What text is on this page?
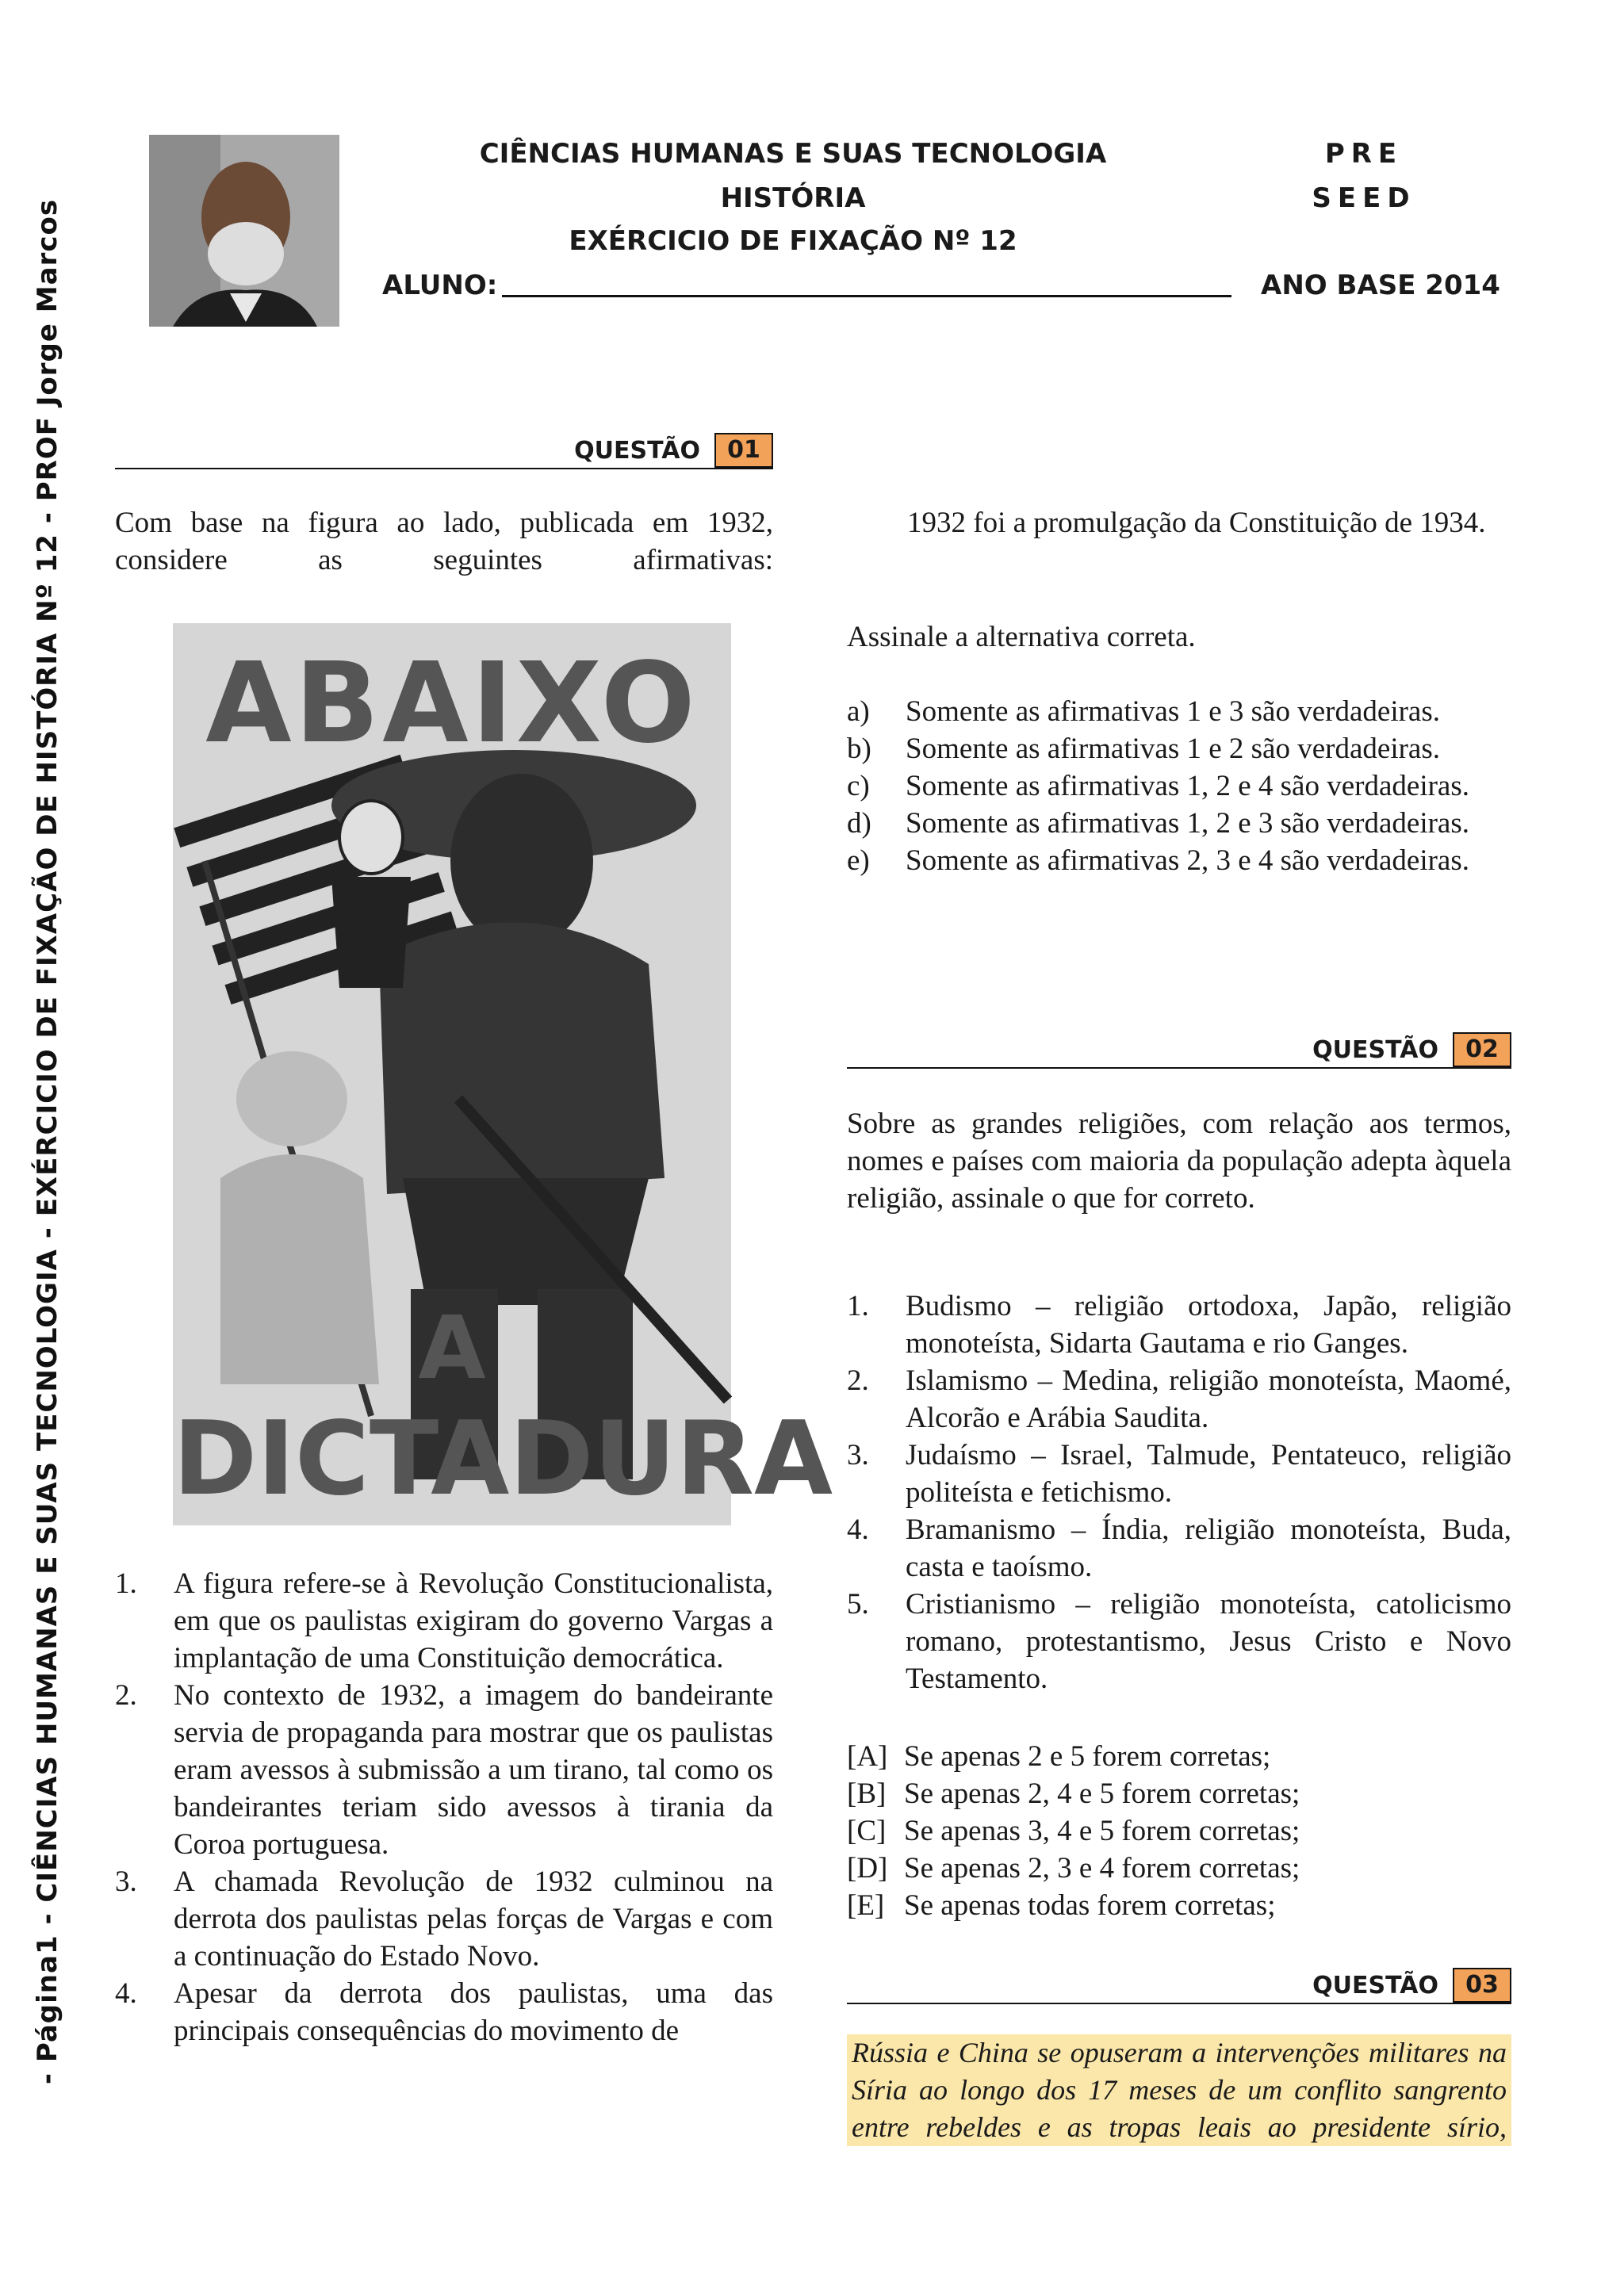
- Página1 - CIÊNCIAS HUMANAS E SUAS TECNOLOGIA - EXÉRCICIO DE FIXAÇÃO DE HISTÓRIA Nº 12 - PROF Jorge Marcos
CIÊNCIAS HUMANAS E SUAS TECNOLOGIA
HISTÓRIA
EXÉRCICIO DE FIXAÇÃO Nº 12
PRE
SEED
ALUNO:	ANO BASE 2014
QUESTÃO	01
Com base na figura ao lado, publicada em 1932, considere as seguintes afirmativas:
ABAIXO
A
DICTADURA
1. A figura refere-se à Revolução Constitucionalista, em que os paulistas exigiram do governo Vargas a implantação de uma Constituição democrática.
2. No contexto de 1932, a imagem do bandeirante servia de propaganda para mostrar que os paulistas eram avessos à submissão a um tirano, tal como os bandeirantes teriam sido avessos à tirania da Coroa portuguesa.
3. A chamada Revolução de 1932 culminou na derrota dos paulistas pelas forças de Vargas e com a continuação do Estado Novo.
4. Apesar da derrota dos paulistas, uma das principais consequências do movimento de
1932 foi a promulgação da Constituição de 1934.
Assinale a alternativa correta.
a) Somente as afirmativas 1 e 3 são verdadeiras.
b) Somente as afirmativas 1 e 2 são verdadeiras.
c) Somente as afirmativas 1, 2 e 4 são verdadeiras.
d) Somente as afirmativas 1, 2 e 3 são verdadeiras.
e) Somente as afirmativas 2, 3 e 4 são verdadeiras.
QUESTÃO	02
Sobre as grandes religiões, com relação aos termos, nomes e países com maioria da população adepta àquela religião, assinale o que for correto.
1. Budismo – religião ortodoxa, Japão, religião monoteísta, Sidarta Gautama e rio Ganges.
2. Islamismo – Medina, religião monoteísta, Maomé, Alcorão e Arábia Saudita.
3. Judaísmo – Israel, Talmude, Pentateuco, religião politeísta e fetichismo.
4. Bramanismo – Índia, religião monoteísta, Buda, casta e taoísmo.
5. Cristianismo – religião monoteísta, catolicismo romano, protestantismo, Jesus Cristo e Novo Testamento.
[A] Se apenas 2 e 5 forem corretas;
[B] Se apenas 2, 4 e 5 forem corretas;
[C] Se apenas 3, 4 e 5 forem corretas;
[D] Se apenas 2, 3 e 4 forem corretas;
[E] Se apenas todas forem corretas;
QUESTÃO	03
Rússia e China se opuseram a intervenções militares na Síria ao longo dos 17 meses de um conflito sangrento entre rebeldes e as tropas leais ao presidente sírio,
